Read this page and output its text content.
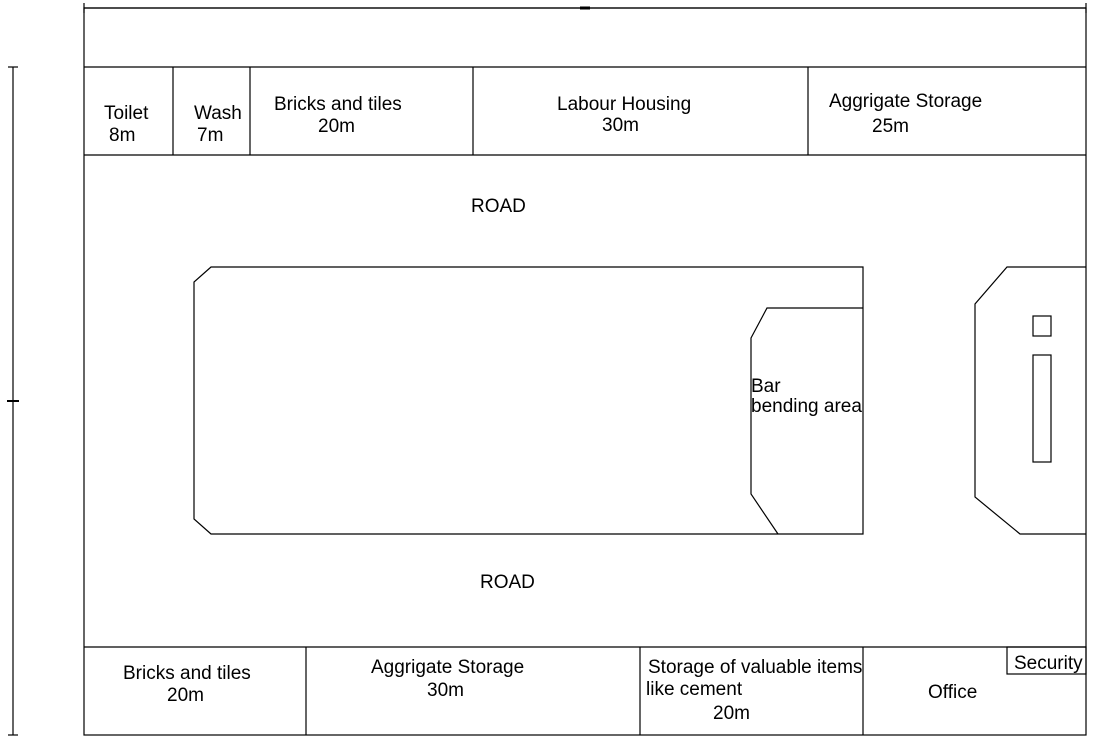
Toilet
8m
Wash
7m
Bricks and tiles
20m
Labour Housing
30m
Aggrigate Storage
25m
ROAD
ROAD
Bar
bending area
Bricks and tiles
20m
Aggrigate Storage
30m
Storage of valuable items
like cement
20m
Office
Security
